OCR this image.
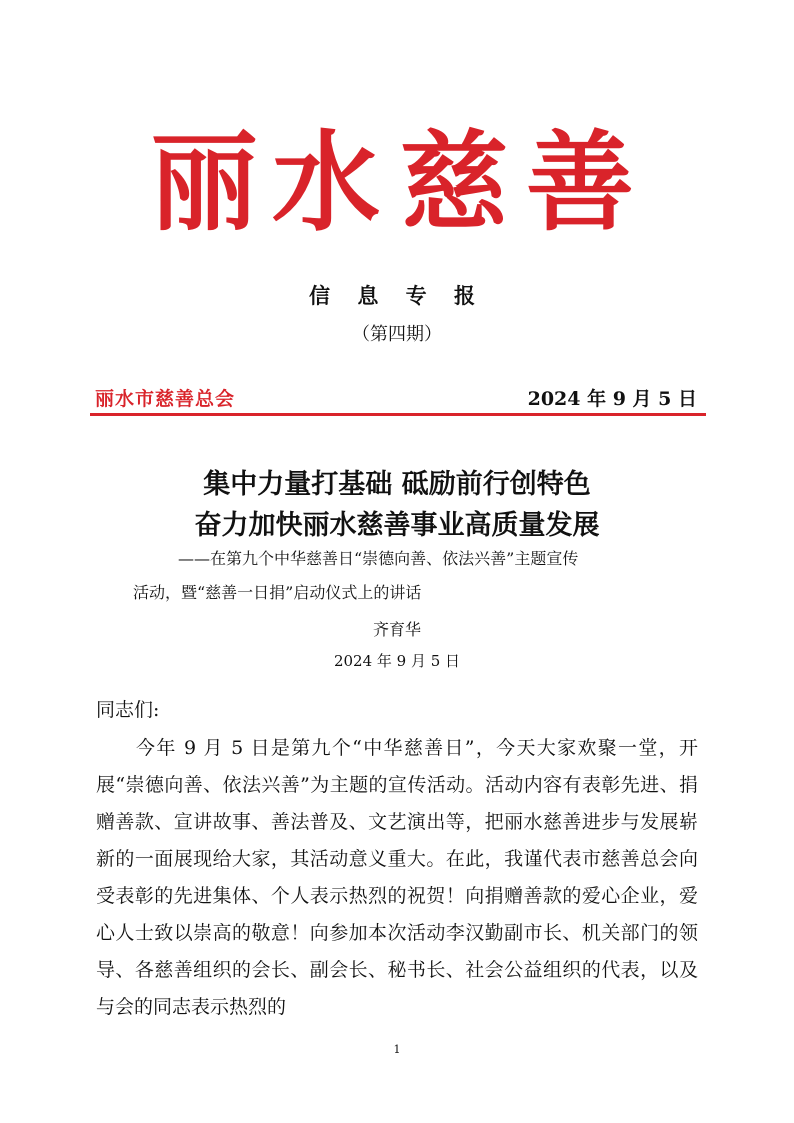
丽 水 慈 善
信 息 专 报
（第四期）
丽水市慈善总会	2024 年 9 月 5 日
集中力量打基础 砥励前行创特色
奋力加快丽水慈善事业高质量发展
——在第九个中华慈善日“崇德向善、依法兴善”主题宣传
活动，暨“慈善一日捐”启动仪式上的讲话
齐育华
2024 年 9 月 5 日
同志们:

今年 9 月 5 日是第九个“中华慈善日”，今天大家欢聚一堂，开展“崇德向善、依法兴善”为主题的宣传活动。活动内容有表彰先进、捐赠善款、宣讲故事、善法普及、文艺演出等，把丽水慈善进步与发展崭新的一面展现给大家，其活动意义重大。在此，我谨代表市慈善总会向受表彰的先进集体、个人表示热烈的祝贺！向捐赠善款的爱心企业，爱心人士致以崇高的敬意！向参加本次活动李汉勤副市长、机关部门的领导、各慈善组织的会长、副会长、秘书长、社会公益组织的代表，以及与会的同志表示热烈的

1
